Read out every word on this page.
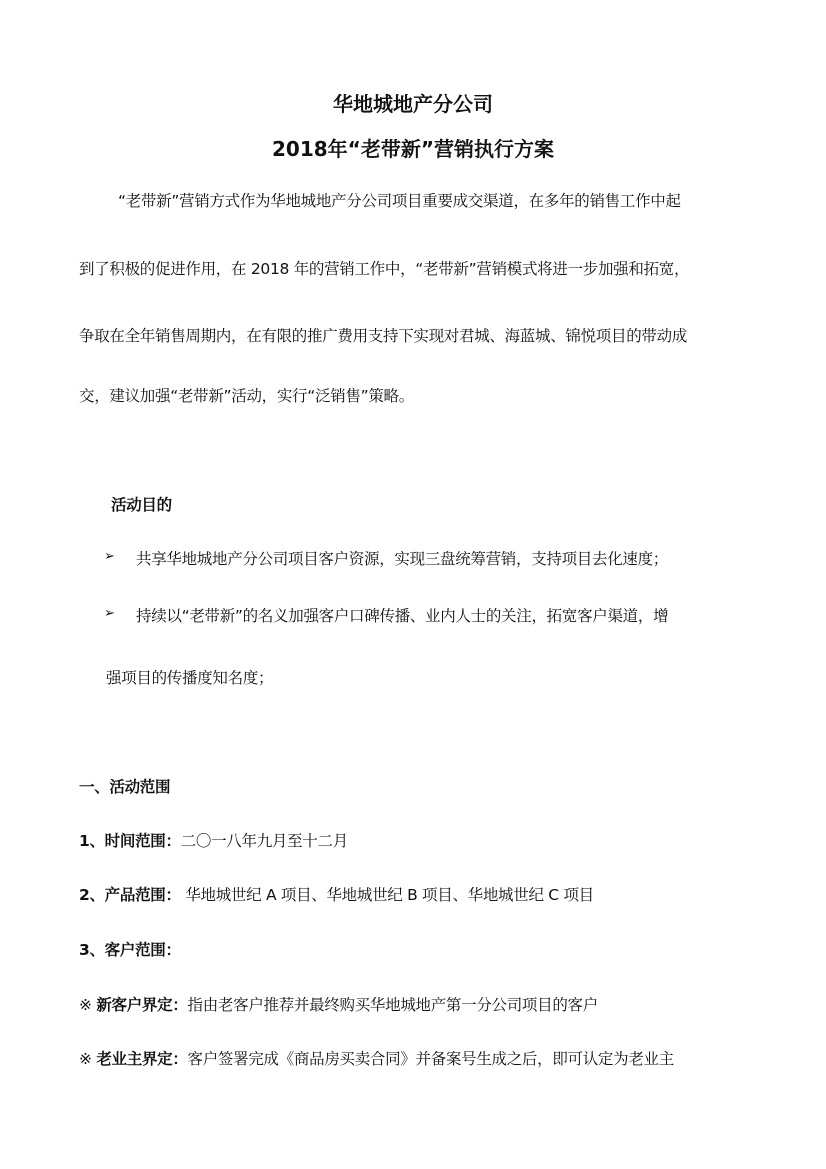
华地城地产分公司
2018年“老带新”营销执行方案
“老带新”营销方式作为华地城地产分公司项目重要成交渠道，在多年的销售工作中起
到了积极的促进作用，在 2018 年的营销工作中，“老带新”营销模式将进一步加强和拓宽，
争取在全年销售周期内，在有限的推广费用支持下实现对君城、海蓝城、锦悦项目的带动成
交，建议加强“老带新”活动，实行“泛销售”策略。
活动目的
➢ 共享华地城地产分公司项目客户资源，实现三盘统筹营销，支持项目去化速度；
➢ 持续以“老带新”的名义加强客户口碑传播、业内人士的关注，拓宽客户渠道，增
强项目的传播度知名度；
一、活动范围
1、时间范围：二〇一八年九月至十二月
2、产品范围： 华地城世纪 A 项目、华地城世纪 B 项目、华地城世纪 C 项目
3、客户范围：
※ 新客户界定：指由老客户推荐并最终购买华地城地产第一分公司项目的客户
※ 老业主界定：客户签署完成《商品房买卖合同》并备案号生成之后，即可认定为老业主
